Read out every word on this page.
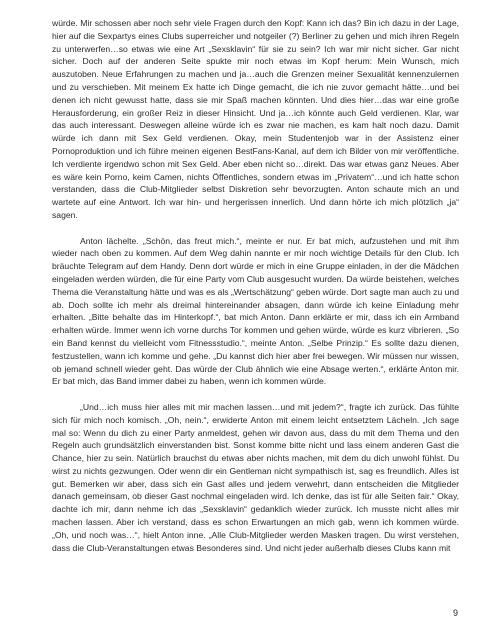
würde. Mir schossen aber noch sehr viele Fragen durch den Kopf: Kann ich das? Bin ich dazu in der Lage, hier auf die Sexpartys eines Clubs superreicher und notgeiler (?) Berliner zu gehen und mich ihren Regeln zu unterwerfen…so etwas wie eine Art „Sexsklavin“ für sie zu sein? Ich war mir nicht sicher. Gar nicht sicher. Doch auf der anderen Seite spukte mir noch etwas im Kopf herum: Mein Wunsch, mich auszutoben. Neue Erfahrungen zu machen und ja…auch die Grenzen meiner Sexualität kennenzulernen und zu verschieben. Mit meinem Ex hatte ich Dinge gemacht, die ich nie zuvor gemacht hätte…und bei denen ich nicht gewusst hatte, dass sie mir Spaß machen könnten. Und dies hier…das war eine große Herausforderung, ein großer Reiz in dieser Hinsicht. Und ja…ich könnte auch Geld verdienen. Klar, war das auch interessant. Deswegen alleine würde ich es zwar nie machen, es kam halt noch dazu. Damit würde ich dann mit Sex Geld verdienen. Okay, mein Studentenjob war in der Assistenz einer Pornoproduktion und ich führe meinen eigenen BestFans-Kanal, auf dem ich Bilder von mir veröffentliche. Ich verdiente irgendwo schon mit Sex Geld. Aber eben nicht so…direkt. Das war etwas ganz Neues. Aber es wäre kein Porno, keim Camen, nichts Öffentliches, sondern etwas im „Privatem“…und ich hatte schon verstanden, dass die Club-Mitglieder selbst Diskretion sehr bevorzugten. Anton schaute mich an und wartete auf eine Antwort. Ich war hin- und hergerissen innerlich. Und dann hörte ich mich plötzlich „ja“ sagen.

Anton lächelte. „Schön, das freut mich.“, meinte er nur. Er bat mich, aufzustehen und mit ihm wieder nach oben zu kommen. Auf dem Weg dahin nannte er mir noch wichtige Details für den Club. Ich bräuchte Telegram auf dem Handy. Denn dort würde er mich in eine Gruppe einladen, in der die Mädchen eingeladen werden würden, die für eine Party vom Club ausgesucht wurden. Da würde beistehen, welches Thema die Veranstaltung hätte und was es als „Wertschätzung“ geben würde. Dort sagte man auch zu und ab. Doch sollte ich mehr als dreimal hintereinander absagen, dann würde ich keine Einladung mehr erhalten. „Bitte behalte das im Hinterkopf.“, bat mich Anton. Dann erklärte er mir, dass ich ein Armband erhalten würde. Immer wenn ich vorne durchs Tor kommen und gehen würde, würde es kurz vibrieren. „So ein Band kennst du vielleicht vom Fitnessstudio.“, meinte Anton. „Selbe Prinzip.“ Es sollte dazu dienen, festzustellen, wann ich komme und gehe. „Du kannst dich hier aber frei bewegen. Wir müssen nur wissen, ob jemand schnell wieder geht. Das würde der Club ähnlich wie eine Absage werten.“, erklärte Anton mir. Er bat mich, das Band immer dabei zu haben, wenn ich kommen würde.

„Und…ich muss hier alles mit mir machen lassen…und mit jedem?“, fragte ich zurück. Das fühlte sich für mich noch komisch. „Oh, nein.“, erwiderte Anton mit einem leicht entsetztem Lächeln. „Ich sage mal so: Wenn du dich zu einer Party anmeldest, gehen wir davon aus, dass du mit dem Thema und den Regeln auch grundsätzlich einverstanden bist. Sonst komme bitte nicht und lass einem anderen Gast die Chance, hier zu sein. Natürlich brauchst du etwas aber nichts machen, mit dem du dich unwohl fühlst. Du wirst zu nichts gezwungen. Oder wenn dir ein Gentleman nicht sympathisch ist, sag es freundlich. Alles ist gut. Bemerken wir aber, dass sich ein Gast alles und jedem verwehrt, dann entscheiden die Mitglieder danach gemeinsam, ob dieser Gast nochmal eingeladen wird. Ich denke, das ist für alle Seiten fair.“ Okay, dachte ich mir, dann nehme ich das „Sexsklavin“ gedanklich wieder zurück. Ich musste nicht alles mir machen lassen. Aber ich verstand, dass es schon Erwartungen an mich gab, wenn ich kommen würde. „Oh, und noch was…“, hielt Anton inne. „Alle Club-Mitglieder werden Masken tragen. Du wirst verstehen, dass die Club-Veranstaltungen etwas Besonderes sind. Und nicht jeder außerhalb dieses Clubs kann mit

9
